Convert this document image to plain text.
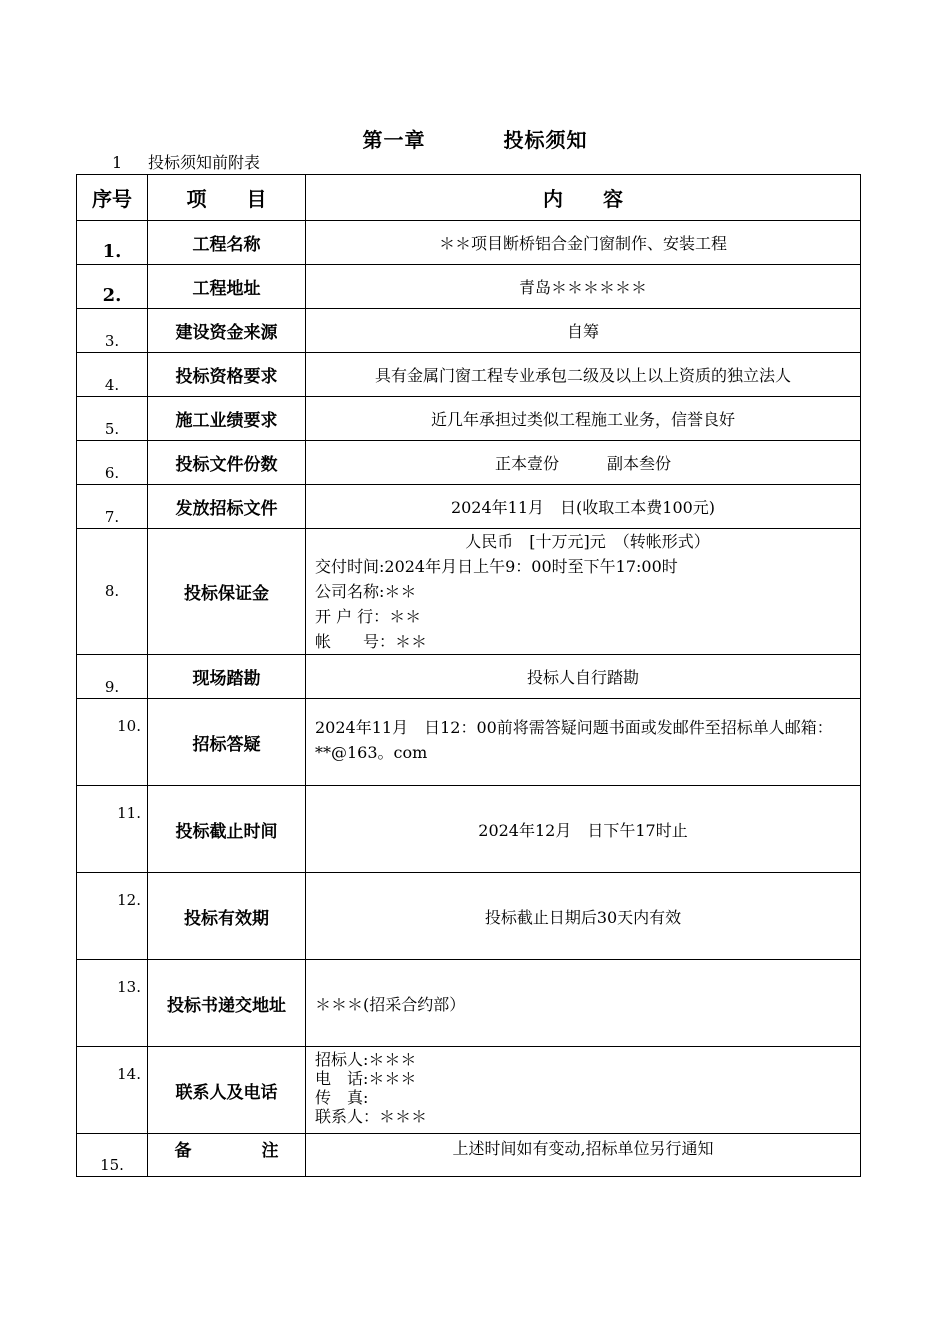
第一章	投标须知
1 投标须知前附表
序号	项　　目	内　　容
1.	工程名称	＊＊项目断桥铝合金门窗制作、安装工程
2.	工程地址	青岛＊＊＊＊＊＊
3.	建设资金来源	自筹
4.	投标资格要求	具有金属门窗工程专业承包二级及以上以上资质的独立法人
5.	施工业绩要求	近几年承担过类似工程施工业务，信誉良好
6.	投标文件份数	正本壹份　　　副本叁份
7.	发放招标文件	2024年11月　日(收取工本费100元)
8.	投标保证金	人民币　[十万元]元　（转帐形式）
交付时间:2024年月日上午9：00时至下午17:00时
公司名称:＊＊
开 户 行：＊＊
帐　　号：＊＊

9.	现场踏勘	投标人自行踏勘
10.	招标答疑	2024年11月　日12：00前将需答疑问题书面或发邮件至招标单人邮箱：**@163。com
11.	投标截止时间	2024年12月　日下午17时止
12.	投标有效期	投标截止日期后30天内有效
13.	投标书递交地址	＊＊＊(招采合约部）
14.	联系人及电话	招标人:＊＊＊
电　话:＊＊＊
传　真:
联系人：＊＊＊

15.	备 注	上述时间如有变动,招标单位另行通知
